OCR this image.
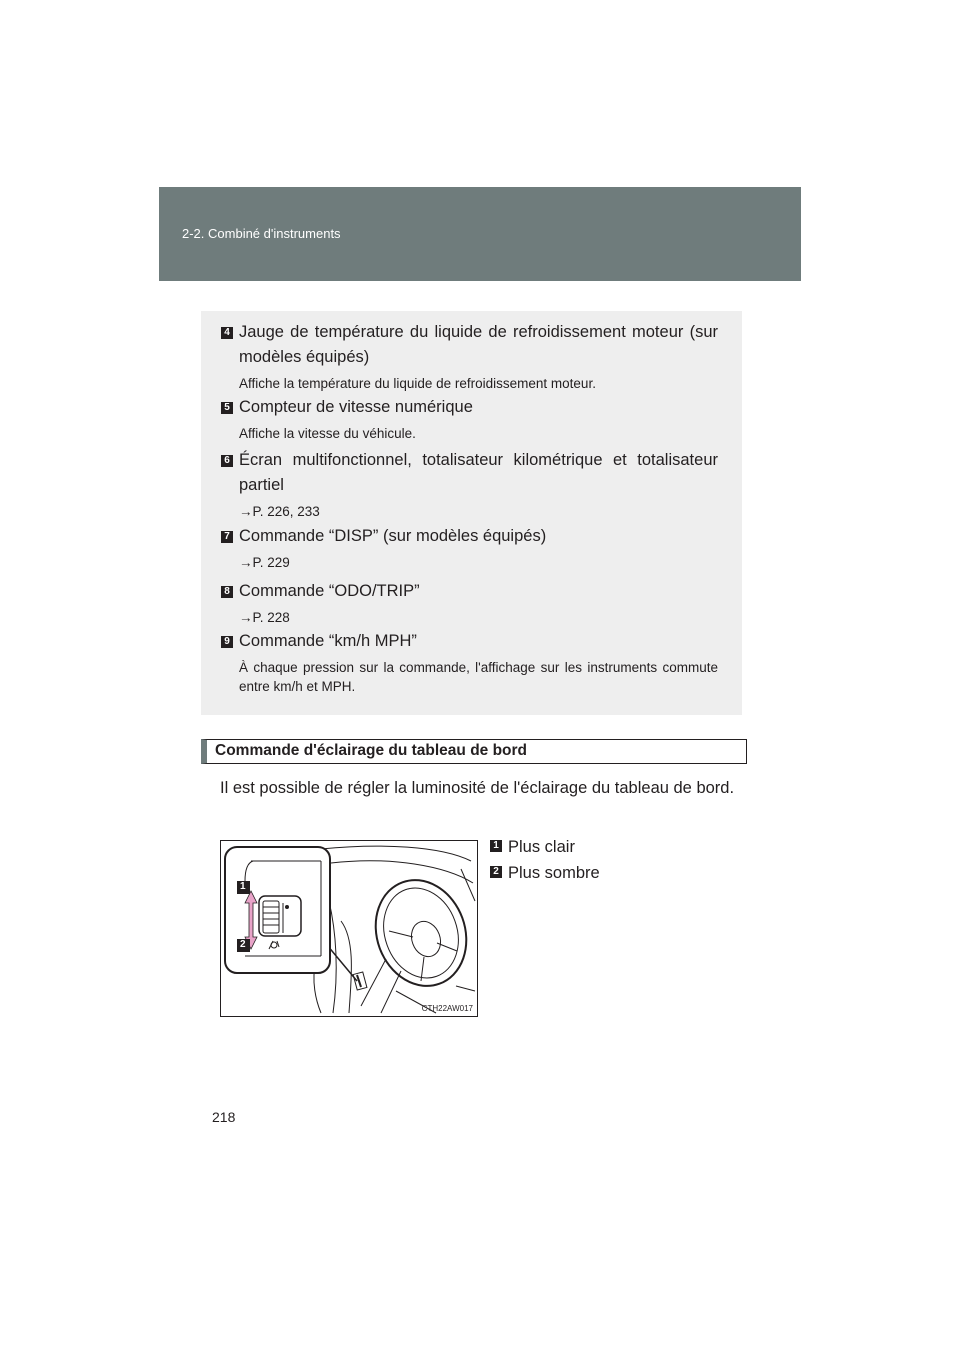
2-2. Combiné d'instruments
4 Jauge de température du liquide de refroidissement moteur (sur modèles équipés)
Affiche la température du liquide de refroidissement moteur.
5 Compteur de vitesse numérique
Affiche la vitesse du véhicule.
6 Écran multifonctionnel, totalisateur kilométrique et totalisateur partiel
→P. 226, 233
7 Commande “DISP” (sur modèles équipés)
→P. 229
8 Commande “ODO/TRIP”
→P. 228
9 Commande “km/h MPH”
À chaque pression sur la commande, l'affichage sur les instruments commute entre km/h et MPH.
Commande d'éclairage du tableau de bord
Il est possible de régler la luminosité de l'éclairage du tableau de bord.
1
2
CTH22AW017
1 Plus clair
2 Plus sombre
218
